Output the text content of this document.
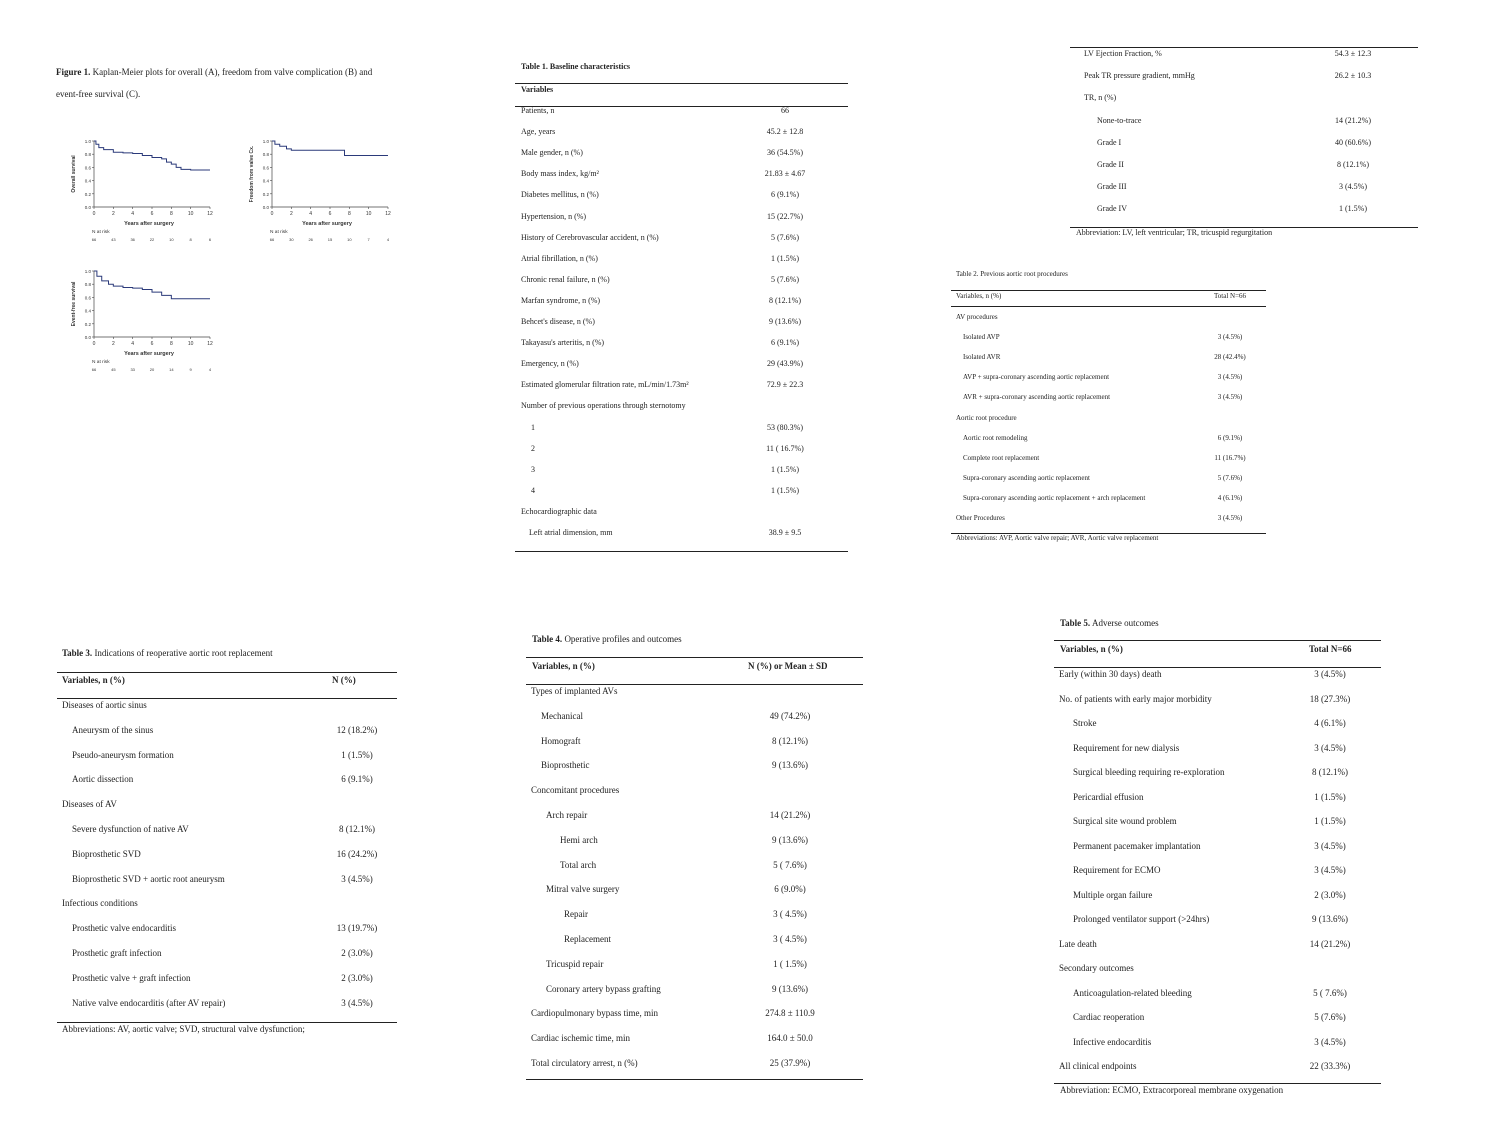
Figure 1. Kaplan-Meier plots for overall (A), freedom from valve complication (B) and
event-free survival (C).
0.0
0.2
0.4
0.6
0.8
1.0
0	2	4	6	8	10	12
Overall survival
Years after surgery
N at risk
66	43	36	22	10	8	6
0.0
0.2
0.4
0.6
0.8
1.0
0	2	4	6	8	10	12
Freedom from valve Cx.
Years after surgery
N at risk
66	30	26	15	10	7	4
0.0
0.2
0.4
0.6
0.8
1.0
0	2	4	6	8	10	12
Event-free survival
Years after surgery
N at risk
66	45	33	20	14	9	4
Table 1. Baseline characteristics
Variables
Patients, n	66
Age, years	45.2 ± 12.8
Male gender, n (%)	36 (54.5%)
Body mass index, kg/m²	21.83 ± 4.67
Diabetes mellitus, n (%)	6 (9.1%)
Hypertension, n (%)	15 (22.7%)
History of Cerebrovascular accident, n (%)	5 (7.6%)
Atrial fibrillation, n (%)	1 (1.5%)
Chronic renal failure, n (%)	5 (7.6%)
Marfan syndrome, n (%)	8 (12.1%)
Behcet's disease, n (%)	9 (13.6%)
Takayasu's arteritis, n (%)	6 (9.1%)
Emergency, n (%)	29 (43.9%)
Estimated glomerular filtration rate, mL/min/1.73m²	72.9 ± 22.3
Number of previous operations through sternotomy
1	53 (80.3%)
2	11 ( 16.7%)
3	1 (1.5%)
4	1 (1.5%)
Echocardiographic data
Left atrial dimension, mm	38.9 ± 9.5
LV Ejection Fraction, %	54.3 ± 12.3
Peak TR pressure gradient, mmHg	26.2 ± 10.3
TR, n (%)
None-to-trace	14 (21.2%)
Grade I	40 (60.6%)
Grade II	8 (12.1%)
Grade III	3 (4.5%)
Grade IV	1 (1.5%)
Abbreviation: LV, left ventricular; TR, tricuspid regurgitation
Table 2. Previous aortic root procedures
Variables, n (%)	Total N=66
AV procedures
Isolated AVP	3 (4.5%)
Isolated AVR	28 (42.4%)
AVP + supra-coronary ascending aortic replacement	3 (4.5%)
AVR + supra-coronary ascending aortic replacement	3 (4.5%)
Aortic root procedure
Aortic root remodeling	6 (9.1%)
Complete root replacement	11 (16.7%)
Supra-coronary ascending aortic replacement	5 (7.6%)
Supra-coronary ascending aortic replacement + arch replacement	4 (6.1%)
Other Procedures	3 (4.5%)
Abbreviations: AVP, Aortic valve repair; AVR, Aortic valve replacement
Table 3. Indications of reoperative aortic root replacement
Variables, n (%)	N (%)
Diseases of aortic sinus
Aneurysm of the sinus	12 (18.2%)
Pseudo-aneurysm formation	1 (1.5%)
Aortic dissection	6 (9.1%)
Diseases of AV
Severe dysfunction of native AV	8 (12.1%)
Bioprosthetic SVD	16 (24.2%)
Bioprosthetic SVD + aortic root aneurysm	3 (4.5%)
Infectious conditions
Prosthetic valve endocarditis	13 (19.7%)
Prosthetic graft infection	2 (3.0%)
Prosthetic valve + graft infection	2 (3.0%)
Native valve endocarditis (after AV repair)	3 (4.5%)
Abbreviations: AV, aortic valve; SVD, structural valve dysfunction;
Table 4. Operative profiles and outcomes
Variables, n (%)	N (%) or Mean ± SD
Types of implanted AVs
Mechanical	49 (74.2%)
Homograft	8 (12.1%)
Bioprosthetic	9 (13.6%)
Concomitant procedures
Arch repair	14 (21.2%)
Hemi arch	9 (13.6%)
Total arch	5 ( 7.6%)
Mitral valve surgery	6 (9.0%)
Repair	3 ( 4.5%)
Replacement	3 ( 4.5%)
Tricuspid repair	1 ( 1.5%)
Coronary artery bypass grafting	9 (13.6%)
Cardiopulmonary bypass time, min	274.8 ± 110.9
Cardiac ischemic time, min	164.0 ± 50.0
Total circulatory arrest, n (%)	25 (37.9%)
Table 5. Adverse outcomes
Variables, n (%)	Total N=66
Early (within 30 days) death	3 (4.5%)
No. of patients with early major morbidity	18 (27.3%)
Stroke	4 (6.1%)
Requirement for new dialysis	3 (4.5%)
Surgical bleeding requiring re-exploration	8 (12.1%)
Pericardial effusion	1 (1.5%)
Surgical site wound problem	1 (1.5%)
Permanent pacemaker implantation	3 (4.5%)
Requirement for ECMO	3 (4.5%)
Multiple organ failure	2 (3.0%)
Prolonged ventilator support (>24hrs)	9 (13.6%)
Late death	14 (21.2%)
Secondary outcomes
Anticoagulation-related bleeding	5 ( 7.6%)
Cardiac reoperation	5 (7.6%)
Infective endocarditis	3 (4.5%)
All clinical endpoints	22 (33.3%)
Abbreviation: ECMO, Extracorporeal membrane oxygenation
